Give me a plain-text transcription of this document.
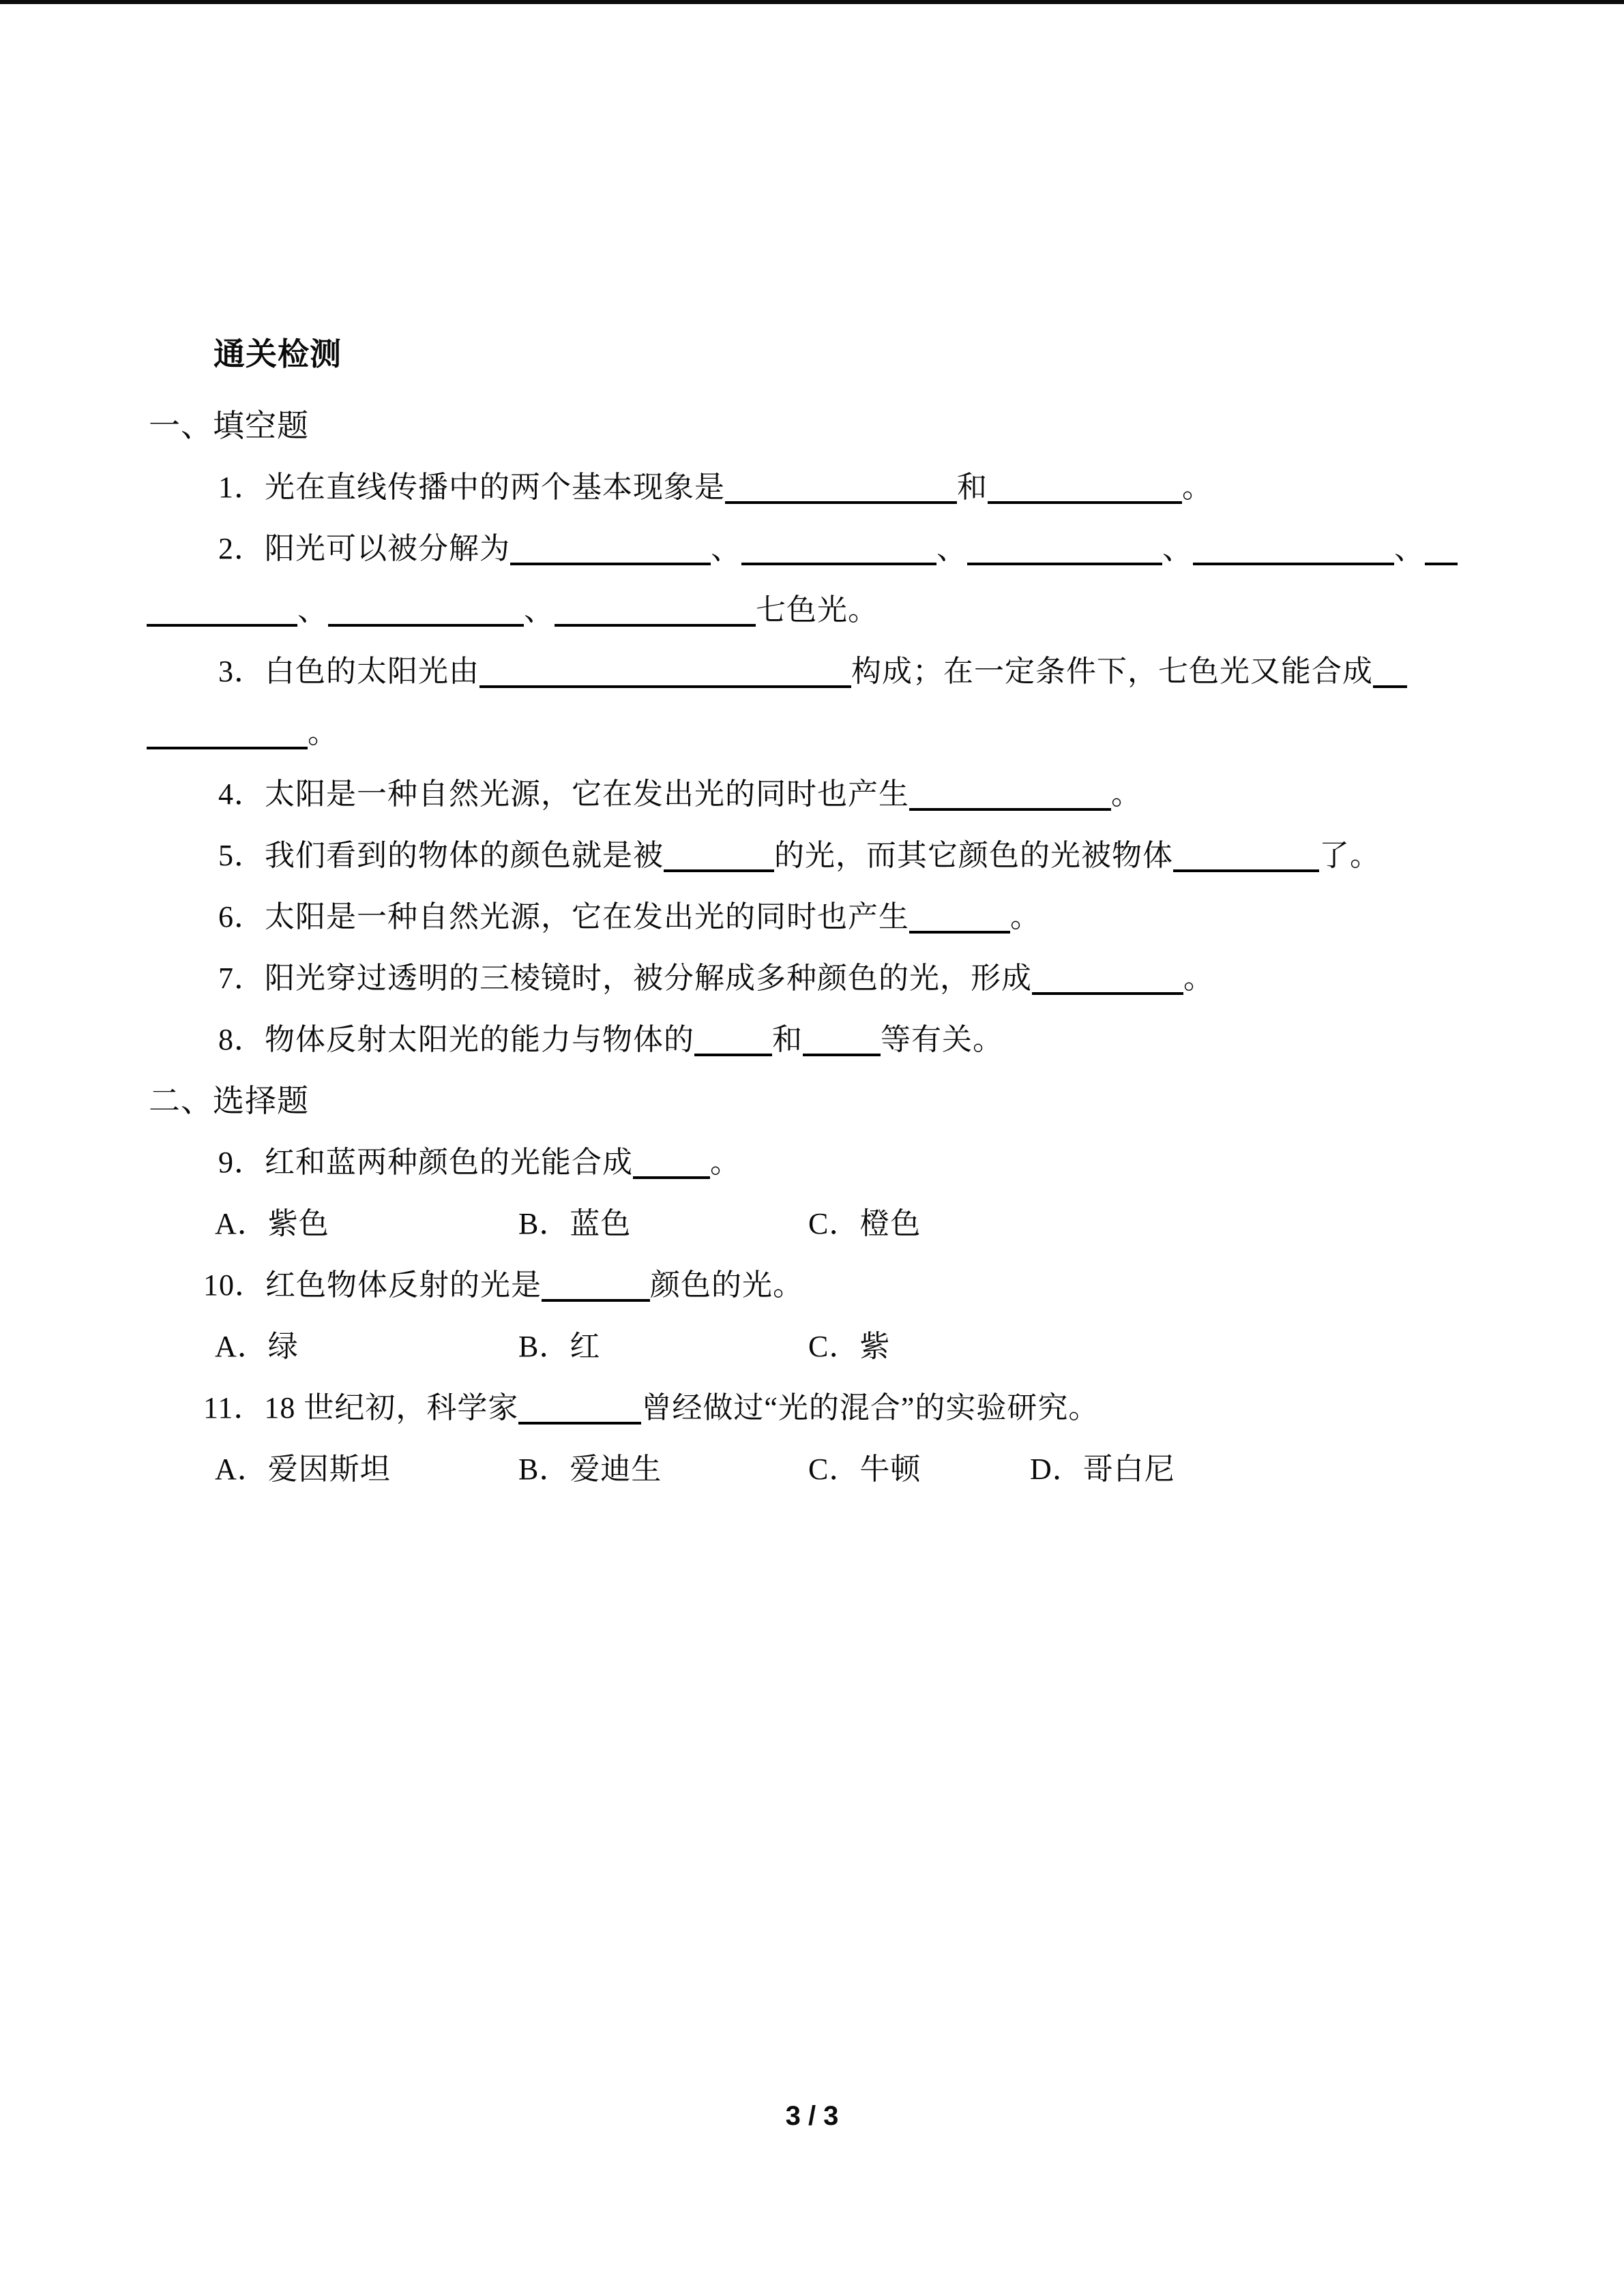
通关检测
一、填空题
1．光在直线传播中的两个基本现象是	和	。
2．阳光可以被分解为	、	、	、	、
、	、	七色光。
3．白色的太阳光由	构成；在一定条件下，七色光又能合成
。
4．太阳是一种自然光源，它在发出光的同时也产生	。
5．我们看到的物体的颜色就是被	的光，而其它颜色的光被物体	了。
6．太阳是一种自然光源，它在发出光的同时也产生	。
7．阳光穿过透明的三棱镜时，被分解成多种颜色的光，形成	。
8．物体反射太阳光的能力与物体的	和	等有关。
二、选择题
9．红和蓝两种颜色的光能合成	。
A．紫色	B．蓝色	C．橙色
10．红色物体反射的光是	颜色的光。
A．绿	B．红	C．紫
11．18 世纪初，科学家	曾经做过“光的混合”的实验研究。
A．爱因斯坦	B．爱迪生	C．牛顿	D．哥白尼
3 / 3
